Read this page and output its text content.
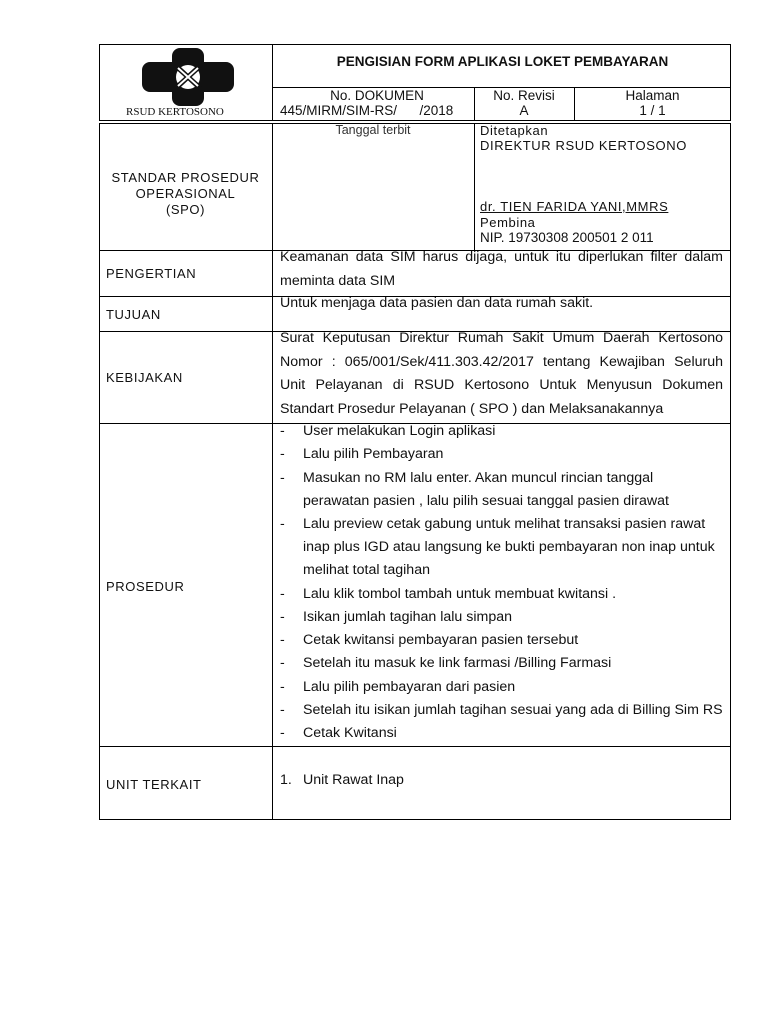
RSUD KERTOSONO
PENGISIAN FORM APLIKASI LOKET PEMBAYARAN
No. DOKUMEN
445/MIRM/SIM-RS/      /2018
No. Revisi
A
Halaman
1 / 1
STANDAR PROSEDUR
OPERASIONAL
(SPO)
Tanggal terbit	Ditetapkan
DIREKTUR RSUD KERTOSONO
dr. TIEN FARIDA YANI,MMRS
Pembina
NIP. 19730308 200501 2 011
PENGERTIAN
Keamanan data SIM harus dijaga, untuk itu diperlukan filter dalam meminta data SIM
TUJUAN
Untuk menjaga data pasien dan data rumah sakit.
KEBIJAKAN
Surat Keputusan Direktur Rumah Sakit Umum Daerah Kertosono Nomor : 065/001/Sek/411.303.42/2017 tentang Kewajiban Seluruh Unit Pelayanan di RSUD Kertosono Untuk Menyusun Dokumen Standart Prosedur Pelayanan ( SPO ) dan Melaksanakannya
PROSEDUR
- User melakukan Login aplikasi
- Lalu pilih Pembayaran
- Masukan no RM lalu enter. Akan muncul rincian tanggal
perawatan pasien , lalu pilih sesuai tanggal pasien dirawat
- Lalu preview cetak gabung untuk melihat transaksi pasien rawat
inap plus IGD atau langsung ke bukti pembayaran non inap untuk
melihat total tagihan
- Lalu klik tombol tambah untuk membuat kwitansi .
- Isikan jumlah tagihan lalu simpan
- Cetak kwitansi pembayaran pasien tersebut
- Setelah itu masuk ke link farmasi /Billing Farmasi
- Lalu pilih pembayaran dari pasien
- Setelah itu isikan jumlah tagihan sesuai yang ada di Billing Sim RS
- Cetak Kwitansi
UNIT TERKAIT	1. Unit Rawat Inap
